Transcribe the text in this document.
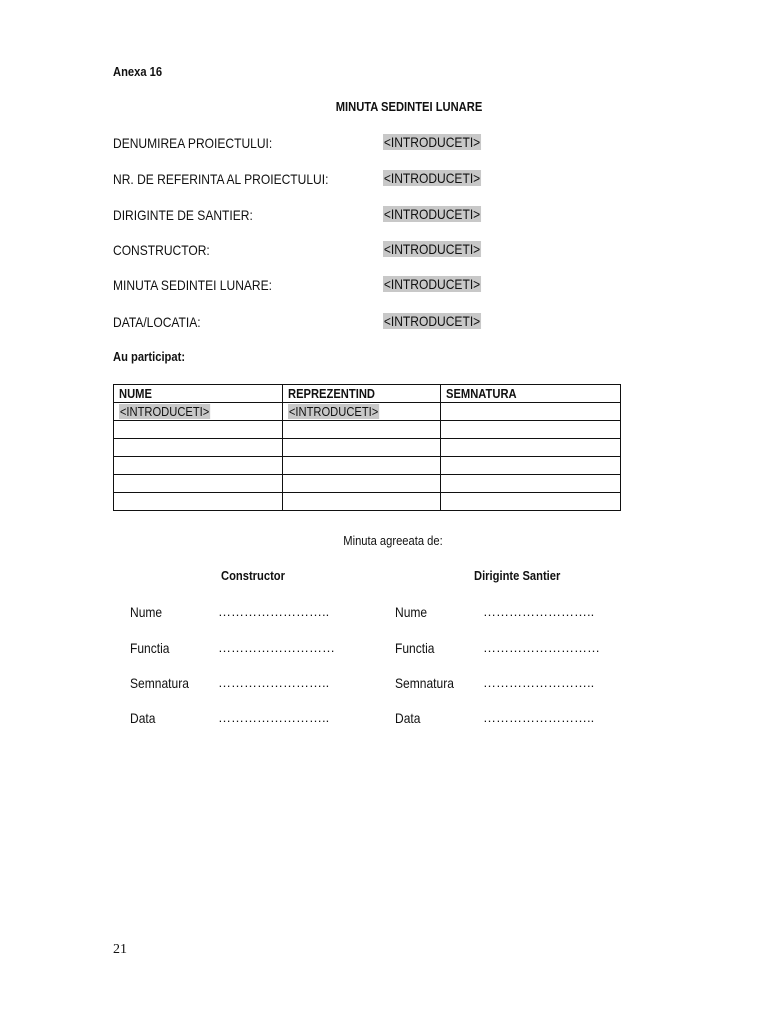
Anexa 16
MINUTA SEDINTEI LUNARE
DENUMIREA PROIECTULUI:	<INTRODUCETI>
NR. DE REFERINTA AL PROIECTULUI:	<INTRODUCETI>
DIRIGINTE DE SANTIER:	<INTRODUCETI>
CONSTRUCTOR:	<INTRODUCETI>
MINUTA SEDINTEI LUNARE:	<INTRODUCETI>
DATA/LOCATIA:	<INTRODUCETI>
Au participat:
NUME	REPREZENTIND	SEMNATURA
<INTRODUCETI>	<INTRODUCETI>	

Minuta agreeata de:
Constructor
Nume	……………………..
Functia	………………………
Semnatura ……………………..
Data	……………………..
Diriginte Santier
Nume	……………………..
Functia	………………………
Semnatura ……………………..
Data	……………………..
21
